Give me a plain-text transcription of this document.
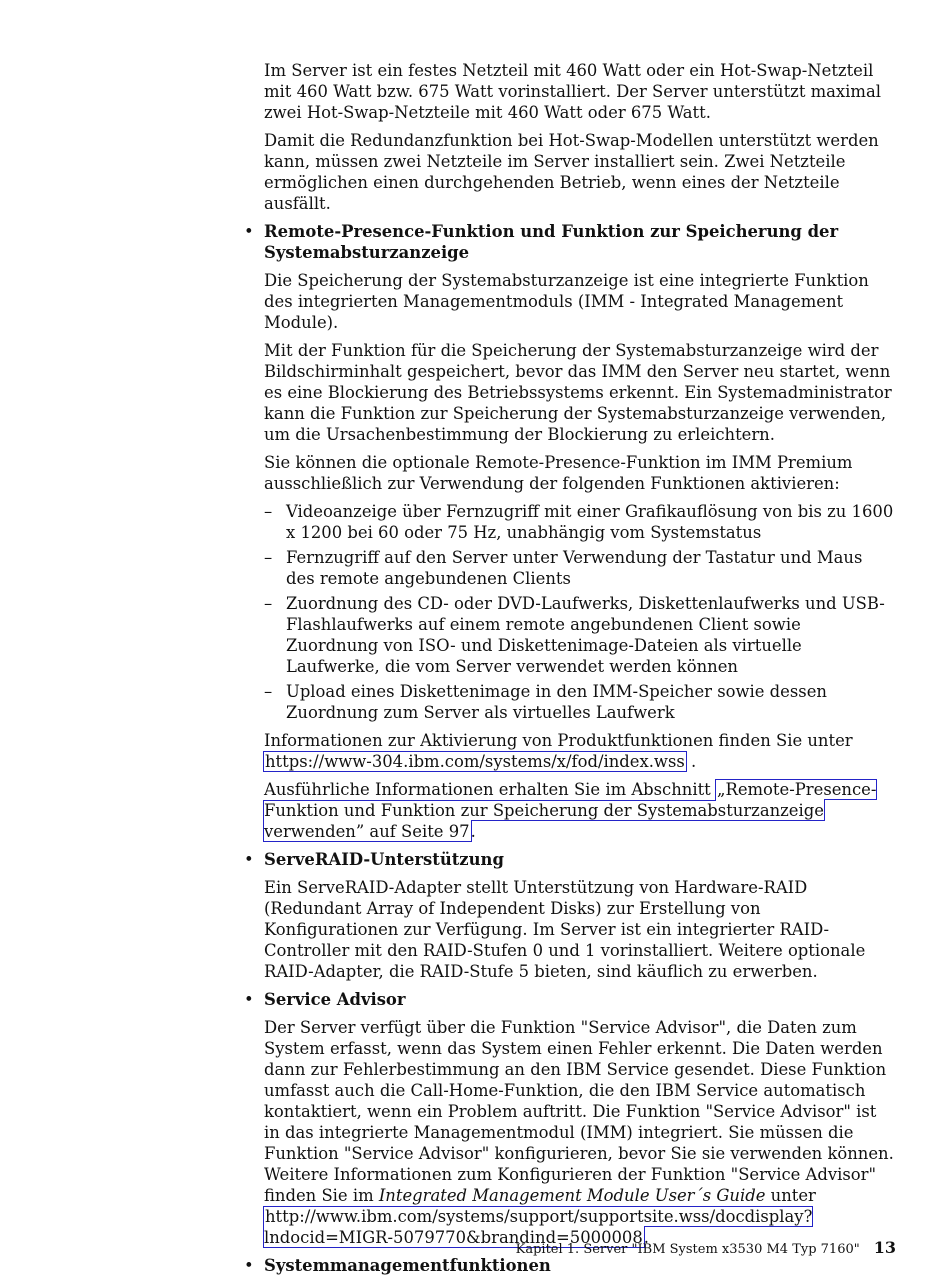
Im Server ist ein festes Netzteil mit 460 Watt oder ein Hot-Swap-Netzteil mit 460 Watt bzw. 675 Watt vorinstalliert. Der Server unterstützt maximal zwei Hot-Swap-Netzteile mit 460 Watt oder 675 Watt.

Damit die Redundanzfunktion bei Hot-Swap-Modellen unterstützt werden kann, müssen zwei Netzteile im Server installiert sein. Zwei Netzteile ermöglichen einen durchgehenden Betrieb, wenn eines der Netzteile ausfällt.

• Remote-Presence-Funktion und Funktion zur Speicherung der Systemabsturzanzeige

Die Speicherung der Systemabsturzanzeige ist eine integrierte Funktion des integrierten Managementmoduls (IMM - Integrated Management Module).

Mit der Funktion für die Speicherung der Systemabsturzanzeige wird der Bildschirminhalt gespeichert, bevor das IMM den Server neu startet, wenn es eine Blockierung des Betriebssystems erkennt. Ein Systemadministrator kann die Funktion zur Speicherung der Systemabsturzanzeige verwenden, um die Ursachenbestimmung der Blockierung zu erleichtern.

Sie können die optionale Remote-Presence-Funktion im IMM Premium ausschließlich zur Verwendung der folgenden Funktionen aktivieren:

– Videoanzeige über Fernzugriff mit einer Grafikauflösung von bis zu 1600 x 1200 bei 60 oder 75 Hz, unabhängig vom Systemstatus
– Fernzugriff auf den Server unter Verwendung der Tastatur und Maus des remote angebundenen Clients
– Zuordnung des CD- oder DVD-Laufwerks, Diskettenlaufwerks und USB-Flashlaufwerks auf einem remote angebundenen Client sowie Zuordnung von ISO- und Diskettenimage-Dateien als virtuelle Laufwerke, die vom Server verwendet werden können
– Upload eines Diskettenimage in den IMM-Speicher sowie dessen Zuordnung zum Server als virtuelles Laufwerk

Informationen zur Aktivierung von Produktfunktionen finden Sie unter https://www-304.ibm.com/systems/x/fod/index.wss .

Ausführliche Informationen erhalten Sie im Abschnitt „Remote-Presence-Funktion und Funktion zur Speicherung der Systemabsturzanzeige verwenden” auf Seite 97.

• ServeRAID-Unterstützung

Ein ServeRAID-Adapter stellt Unterstützung von Hardware-RAID (Redundant Array of Independent Disks) zur Erstellung von Konfigurationen zur Verfügung. Im Server ist ein integrierter RAID-Controller mit den RAID-Stufen 0 und 1 vorinstalliert. Weitere optionale RAID-Adapter, die RAID-Stufe 5 bieten, sind käuflich zu erwerben.

• Service Advisor

Der Server verfügt über die Funktion "Service Advisor", die Daten zum System erfasst, wenn das System einen Fehler erkennt. Die Daten werden dann zur Fehlerbestimmung an den IBM Service gesendet. Diese Funktion umfasst auch die Call-Home-Funktion, die den IBM Service automatisch kontaktiert, wenn ein Problem auftritt. Die Funktion "Service Advisor" ist in das integrierte Managementmodul (IMM) integriert. Sie müssen die Funktion "Service Advisor" konfigurieren, bevor Sie sie verwenden können. Weitere Informationen zum Konfigurieren der Funktion "Service Advisor" finden Sie im Integrated Management Module User´s Guide unter http://www.ibm.com/systems/support/supportsite.wss/docdisplay?lndocid=MIGR-5079770&brandind=5000008.

• Systemmanagementfunktionen
Kapitel 1. Server "IBM System x3530 M4 Typ 7160" 13
